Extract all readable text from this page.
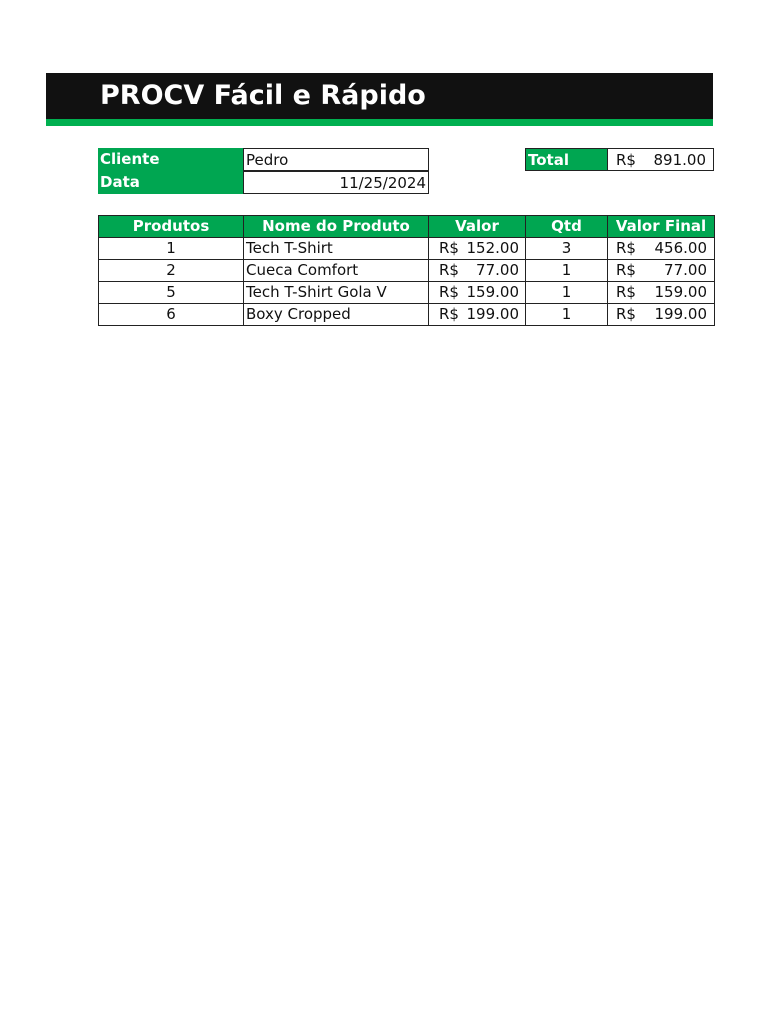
PROCV Fácil e Rápido
Cliente	Pedro
Data	11/25/2024
Total	R$ 891.00
Produtos	Nome do Produto	Valor	Qtd	Valor Final
1	Tech T-Shirt	R$ 152.00	3	R$ 456.00

2	Cueca Comfort	R$ 77.00	1	R$ 77.00

5	Tech T-Shirt Gola V	R$ 159.00	1	R$ 159.00

6	Boxy Cropped	R$ 199.00	1	R$ 199.00
